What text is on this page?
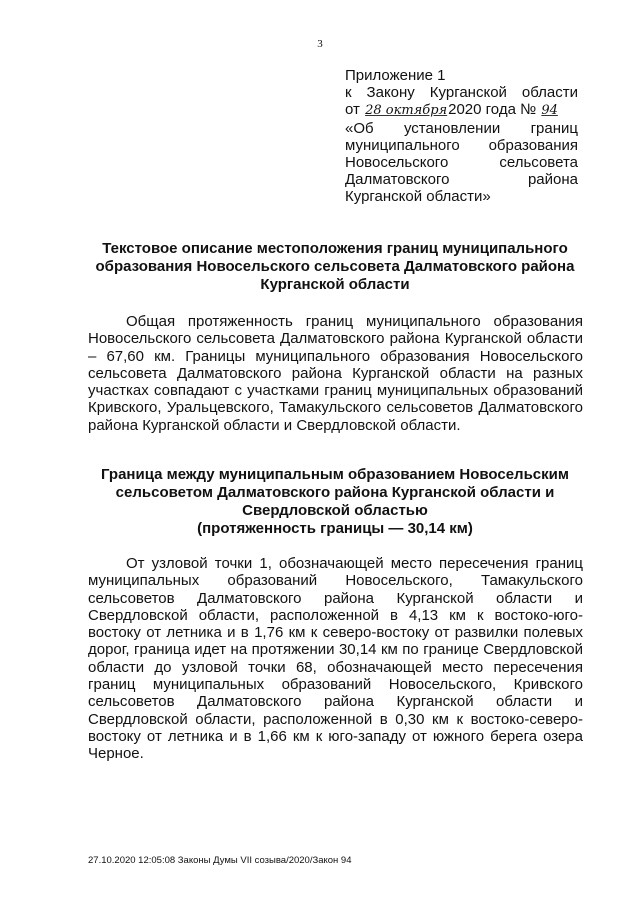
3
Приложение 1
к Закону Курганской области
от 28 октября2020 года № 94
«Об установлении границ
муниципального образования
Новосельского сельсовета
Далматовского района
Курганской области»
Текстовое описание местоположения границ муниципального образования Новосельского сельсовета Далматовского района Курганской области
Общая протяженность границ муниципального образования Новосельского сельсовета Далматовского района Курганской области – 67,60 км. Границы муниципального образования Новосельского сельсовета Далматовского района Курганской области на разных участках совпадают с участками границ муниципальных образований Кривского, Уральцевского, Тамакульского сельсоветов Далматовского района Курганской области и Свердловской области.
Граница между муниципальным образованием Новосельским сельсоветом Далматовского района Курганской области и Свердловской областью
(протяженность границы — 30,14 км)
От узловой точки 1, обозначающей место пересечения границ муниципальных образований Новосельского, Тамакульского сельсоветов Далматовского района Курганской области и Свердловской области, расположенной в 4,13 км к востоко-юго-востоку от летника и в 1,76 км к северо-востоку от развилки полевых дорог, граница идет на протяжении 30,14 км по границе Свердловской области до узловой точки 68, обозначающей место пересечения границ муниципальных образований Новосельского, Кривского сельсоветов Далматовского района Курганской области и Свердловской области, расположенной в 0,30 км к востоко-северо-востоку от летника и в 1,66 км к юго-западу от южного берега озера Черное.
27.10.2020 12:05:08 Законы Думы VII созыва/2020/Закон 94
